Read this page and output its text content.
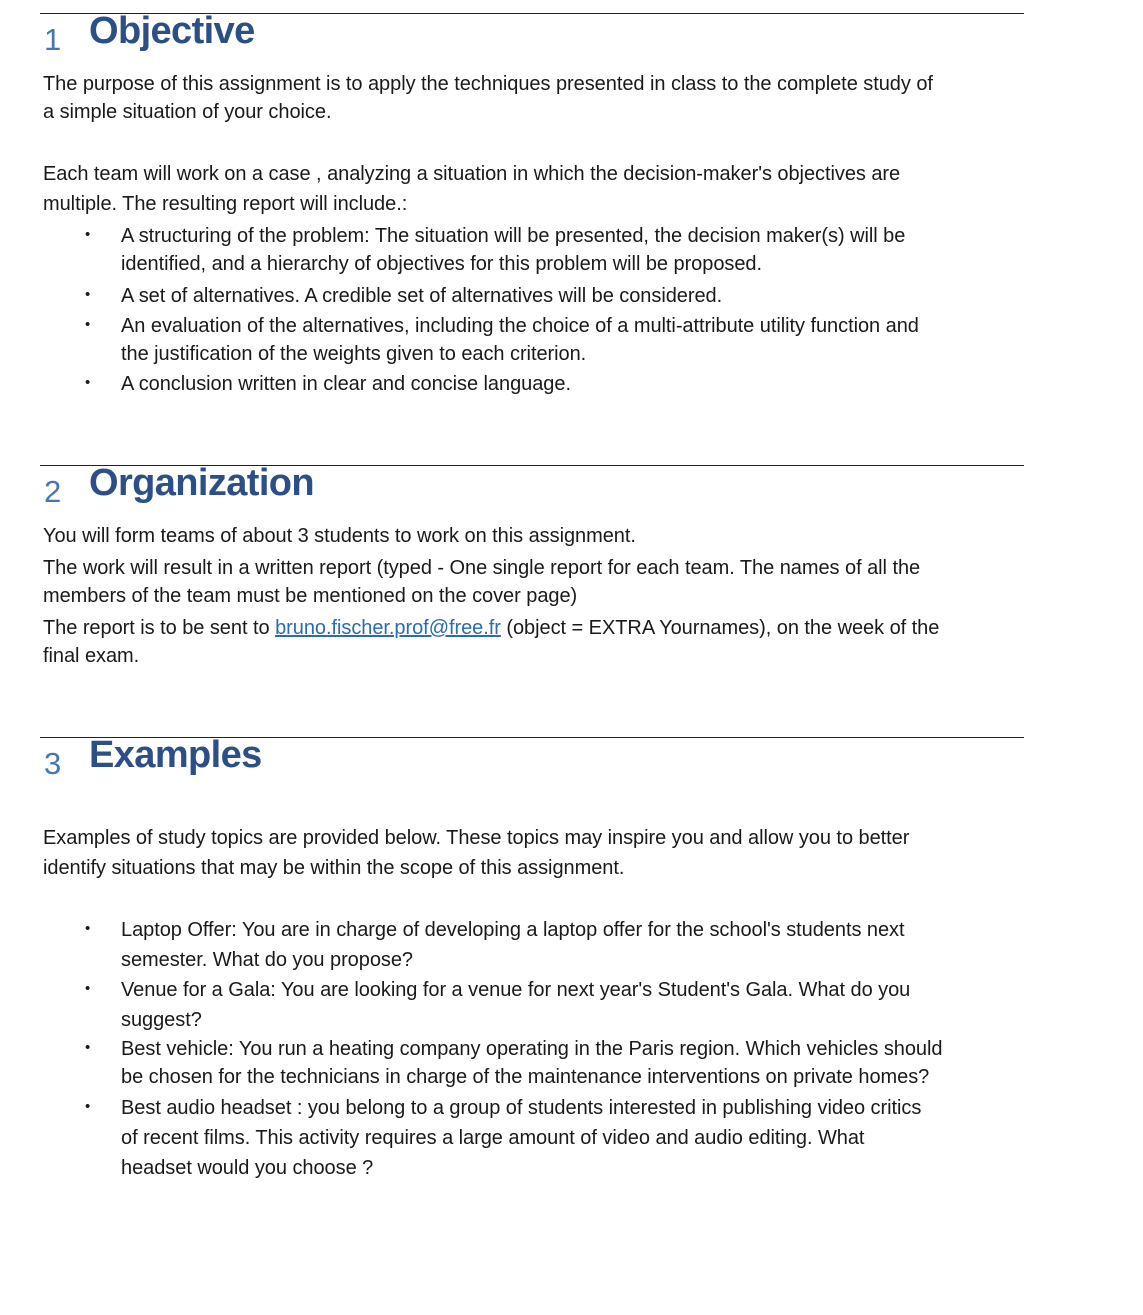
1 Objective

The purpose of this assignment is to apply the techniques presented in class to the complete study of
a simple situation of your choice.

Each team will work on a case , analyzing a situation in which the decision-maker's objectives are
multiple. The resulting report will include.:

• A structuring of the problem: The situation will be presented, the decision maker(s) will be
identified, and a hierarchy of objectives for this problem will be proposed.

• A set of alternatives. A credible set of alternatives will be considered.

• An evaluation of the alternatives, including the choice of a multi-attribute utility function and
the justification of the weights given to each criterion.

• A conclusion written in clear and concise language.

2 Organization

You will form teams of about 3 students to work on this assignment.

The work will result in a written report (typed - One single report for each team. The names of all the
members of the team must be mentioned on the cover page)

The report is to be sent to bruno.fischer.prof@free.fr (object = EXTRA Yournames), on the week of the
final exam.

3 Examples

Examples of study topics are provided below. These topics may inspire you and allow you to better
identify situations that may be within the scope of this assignment.

• Laptop Offer: You are in charge of developing a laptop offer for the school's students next
semester. What do you propose?

• Venue for a Gala: You are looking for a venue for next year's Student's Gala. What do you
suggest?

• Best vehicle: You run a heating company operating in the Paris region. Which vehicles should
be chosen for the technicians in charge of the maintenance interventions on private homes?

• Best audio headset : you belong to a group of students interested in publishing video critics
of recent films. This activity requires a large amount of video and audio editing. What
headset would you choose ?
